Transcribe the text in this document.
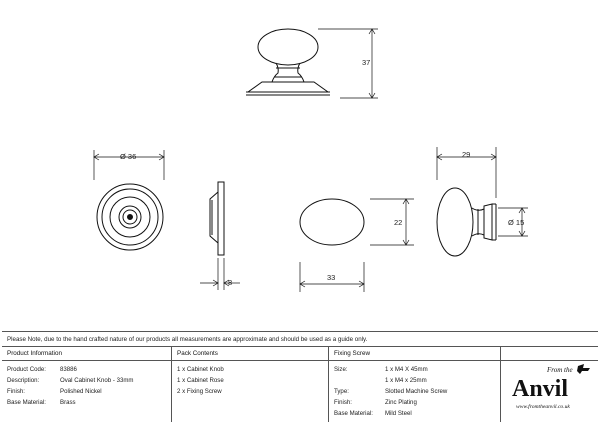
37
Ø 36
8
33
22
29
Ø 15
Please Note, due to the hand crafted nature of our products all measurements are approximate and should be used as a guide only.
Product Information
Product Code: 83886
Description:	Oval Cabinet Knob - 33mm
Finish:	Polished Nickel
Base Material: Brass
Pack Contents
1 x Cabinet Knob
1 x Cabinet Rose
2 x Fixing Screw
Fixing Screw
Size:	1 x M4 X 45mm
1 x M4 x 25mm
Type:	Slotted Machine Screw
Finish:	Zinc Plating
Base Material: Mild Steel
From the
Anvil
www.fromtheanvil.co.uk
